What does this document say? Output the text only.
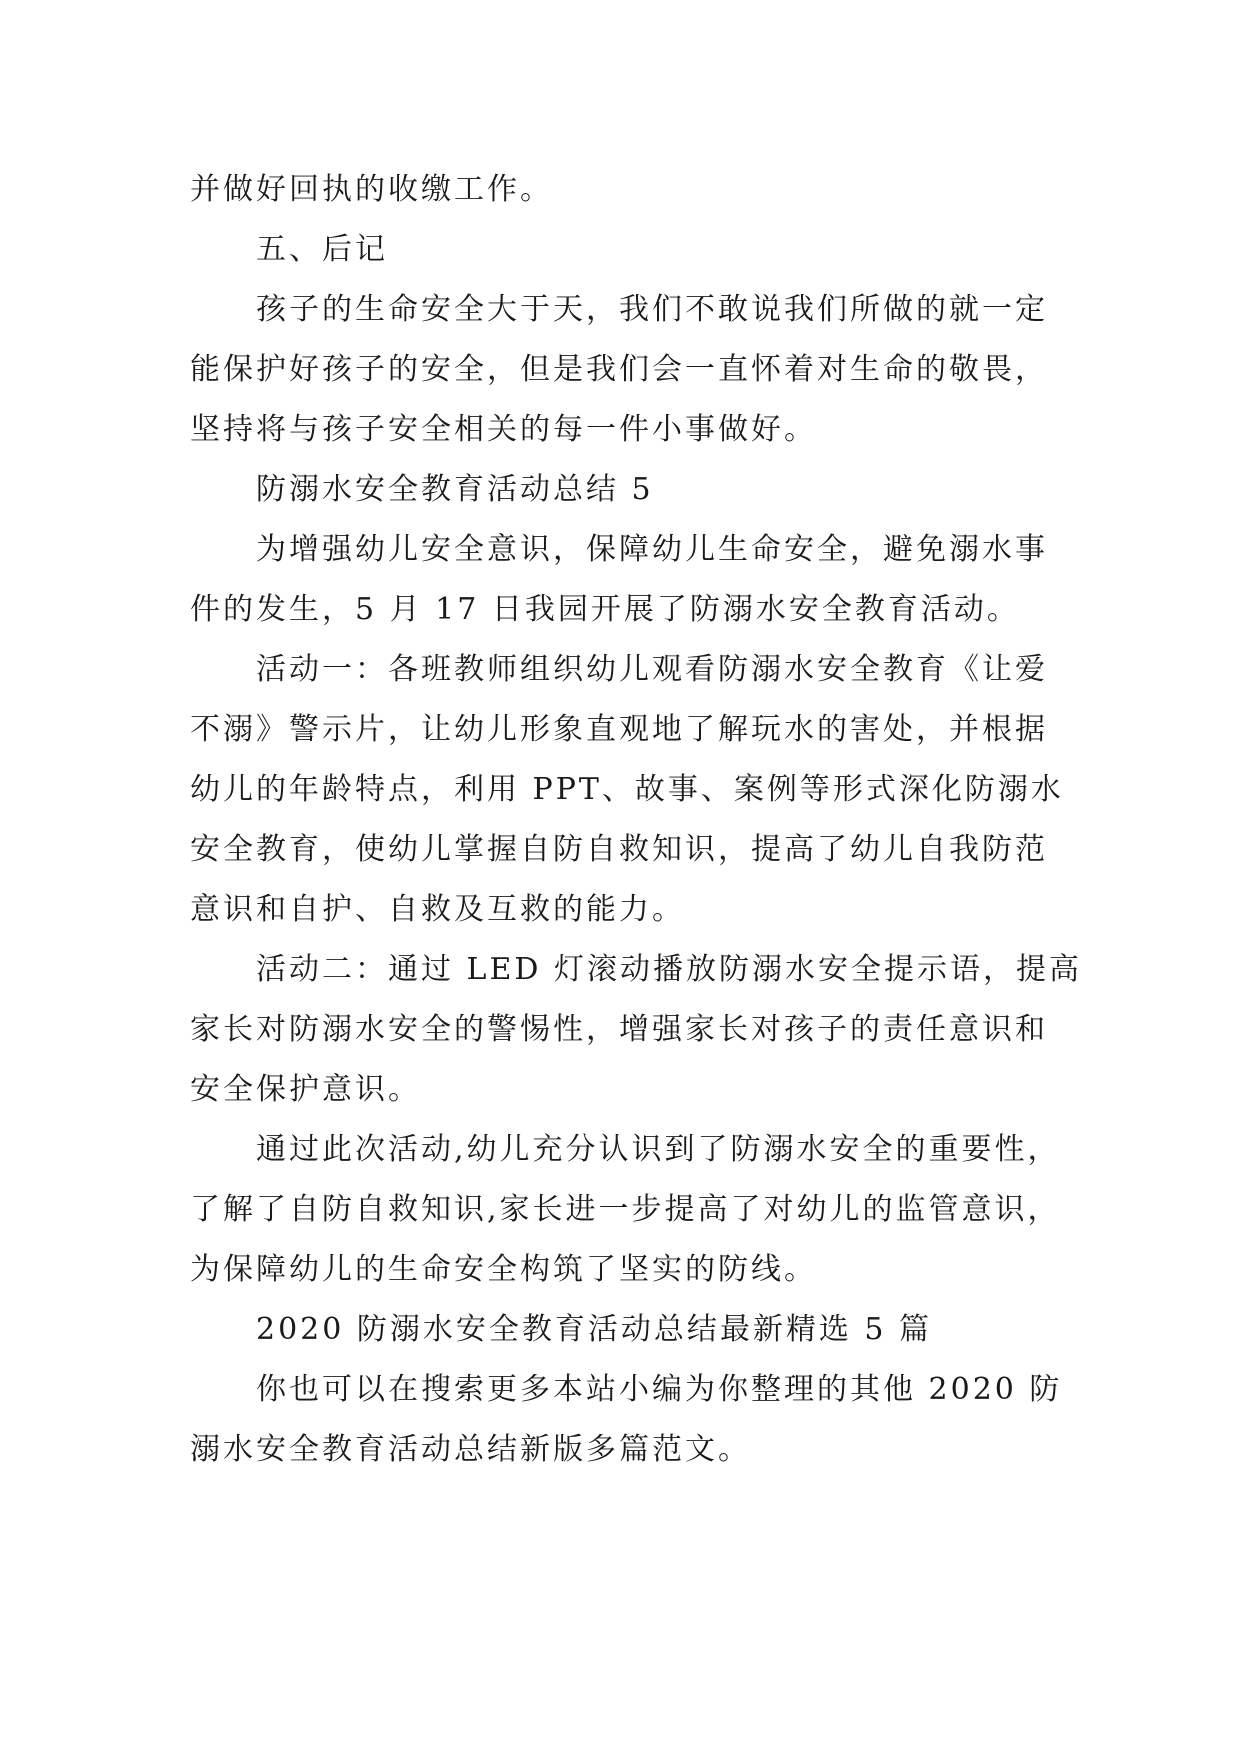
并做好回执的收缴工作。
五、后记
孩子的生命安全大于天，我们不敢说我们所做的就一定
能保护好孩子的安全，但是我们会一直怀着对生命的敬畏，
坚持将与孩子安全相关的每一件小事做好。
防溺水安全教育活动总结 5
为增强幼儿安全意识，保障幼儿生命安全，避免溺水事
件的发生，5 月 17 日我园开展了防溺水安全教育活动。
活动一：各班教师组织幼儿观看防溺水安全教育《让爱
不溺》警示片，让幼儿形象直观地了解玩水的害处，并根据
幼儿的年龄特点，利用 PPT、故事、案例等形式深化防溺水
安全教育，使幼儿掌握自防自救知识，提高了幼儿自我防范
意识和自护、自救及互救的能力。
活动二：通过 LED 灯滚动播放防溺水安全提示语，提高
家长对防溺水安全的警惕性，增强家长对孩子的责任意识和
安全保护意识。
通过此次活动,幼儿充分认识到了防溺水安全的重要性，
了解了自防自救知识,家长进一步提高了对幼儿的监管意识，
为保障幼儿的生命安全构筑了坚实的防线。
2020 防溺水安全教育活动总结最新精选 5 篇
你也可以在搜索更多本站小编为你整理的其他 2020 防
溺水安全教育活动总结新版多篇范文。
